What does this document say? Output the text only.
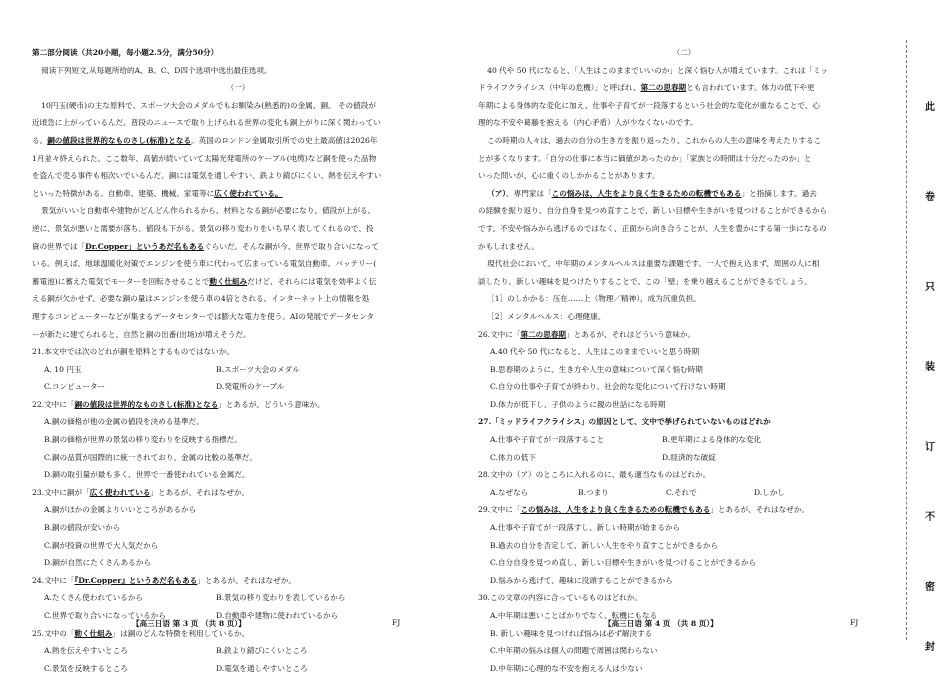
第二部分阅读（共20小题，每小题2.5分，满分50分）
阅读下列短文,从每题所给的A、B、C、D四个选项中选出最佳选项。
（一）
10円玉(硬币)の主な原料で、スポーツ大会のメダルでもお馴染み(熟悉的)の金属、銅。 その値段が
近頃急に上がっているんだ。普段のニュースで取り上げられる世界の変化も銅上がりに深く関わってい
る。銅の値段は世界的なものさし(标准)となる。英国のロンドン金属取引所での史上最高値は2026年
1月並々終えられた。ここ数年、高値が続いていて太陽光発電所のケーブル(电缆)など銅を使った品物
を盗んで売る事件も相次いでいるんだ。銅には電気を通しやすい、鉄より錆びにくい、熱を伝えやすい
といった特徴がある。自動車、建築、機械、家電等に広く使われている。
景気がいいと自動車や建物がどんどん作られるから、材料となる銅が必要になり、値段が上がる。
逆に、景気が悪いと需要が落ち、値段も下がる。景気の移り変わりをいち早く表してくれるので、投
資の世界では「Dr.Copper」というあだ名もあるぐらいだ。そんな銅が今、世界で取り合いになって
いる。例えば、地球温暖化対策でエンジンを使う車に代わって広まっている電気自動車。バッテリー(
蓄電池)に蓄えた電気でモーターを回転させることで動く仕組みだけど、それらには電気を効率よく伝
える銅が欠かせず、必要な銅の量はエンジンを使う車の4倍とされる。インターネット上の情報を処
理するコンピューターなどが集まるデータセンターでは膨大な電力を使う。AIの発展でデータセンタ
ーが新たに建てられると、自然と銅の出番(出场)が増えそうだ。
21.本文中では次のどれが銅を原料とするものではないか。
A. 10 円玉	B.スポーツ大会のメダル
C.コンピューター	D.発電所のケーブル
22.文中に「銅の値段は世界的なものさし(标准)となる」とあるが、どういう意味か。
A.銅の価格が他の金属の値段を決める基準だ。
B.銅の価格が世界の景気の移り変わりを反映する指標だ。
C.銅の品質が国際的に統一されており、金属の比較の基準だ。
D.銅の取引量が最も多く、世界で一番使われている金属だ。
23.文中に銅が「広く使われている」とあるが、それはなぜか。
A.銅がほかの金属よりいいところがあるから
B.銅の値段が安いから
C.銅が投資の世界で大人気だから
D.銅が自然にたくさんあるから
24.文中に「『Dr.Copper』というあだ名もある」とあるが、それはなぜか。
A.たくさん使われているから	B.景気の移り変わりを表しているから
C.世界で取り合いになっているから	D.自動車や建物に使われているから
25.文中の「動く仕組み」は銅のどんな特徴を利用しているか。
A.熱を伝えやすいところ	B.鉄より錆びにくいところ
C.景気を反映するところ	D.電気を通しやすいところ
【高三日语 第 3 页 （共 8 页）】	FJ
（二）
40 代や 50 代になると、「人生はこのままでいいのか」と深く悩む人が増えています。これは「ミッ
ドライフクライシス（中年の危機）」と呼ばれ、第二の思春期とも言われています。体力の低下や更
年期による身体的な変化に加え、仕事や子育てが一段落するという社会的な変化が重なることで、心
理的な不安や葛藤を抱える（内心矛盾）人が少なくないのです。
この時期の人々は、過去の自分の生き方を振り返ったり、これからの人生の意味を考えたりするこ
とが多くなります。「自分の仕事に本当に価値があったのか」「家族との時間は十分だったのか」と
いった問いが、心に重くのしかかることがあります。
（ア）、専門家は「この悩みは、人生をより良く生きるための転機でもある」と指摘します。過去
の経験を振り返り、自分自身を見つめ直すことで、新しい目標や生きがいを見つけることができるから
です。不安や悩みから逃げるのではなく、正面から向き合うことが、人生を豊かにする第一歩になるの
かもしれません。
現代社会において、中年期のメンタルヘルスは重要な課題です。一人で抱え込まず、周囲の人に相
談したり、新しい趣味を見つけたりすることで、この「壁」を乗り越えることができるでしょう。
［1］のしかかる：压在……上（物理／精神），成为沉重负担。
［2］メンタルヘルス：心理健康。
26.文中に「第二の思春期」とあるが、それはどういう意味か。
A.40 代や 50 代になると、人生はこのままでいいと思う時期
B.思春期のように、生き方や人生の意味について深く悩む時期
C.自分の仕事や子育てが終わり、社会的な変化について行けない時期
D.体力が低下し、子供のように親の世話になる時期
27.「ミッドライフクライシス」の原因として、文中で挙げられていないものはどれか
A.仕事や子育てが一段落すること	B.更年期による身体的な変化
C.体力の低下	D.経済的な破綻
28.文中の（ア）のところに入れるのに、最も適当なものはどれか。
A.なぜなら	B.つまり	C.それで	D.しかし
29.文中に「この悩みは、人生をより良く生きるための転機でもある」とあるが、それはなぜか。
A.仕事や子育てが一段落すし、新しい時期が始まるから
B.過去の自分を否定して、新しい人生をやり直すことができるから
C.自分自身を見つめ直し、新しい目標や生きがいを見つけることができるから
D.悩みから逃げて、趣味に没頭することができるから
30.この文章の内容に合っているものはどれか。
A.中年期は悪いことばかりでなく、転機にもなる
B. 新しい趣味を見つければ悩みは必ず解決する
C.中年期の悩みは個人の問題で周囲は関わらない
D.中年期に心理的な不安を抱える人は少ない
【高三日语 第 4 页 （共 8 页）】	FJ
此
卷
只
装
订
不
密
封
